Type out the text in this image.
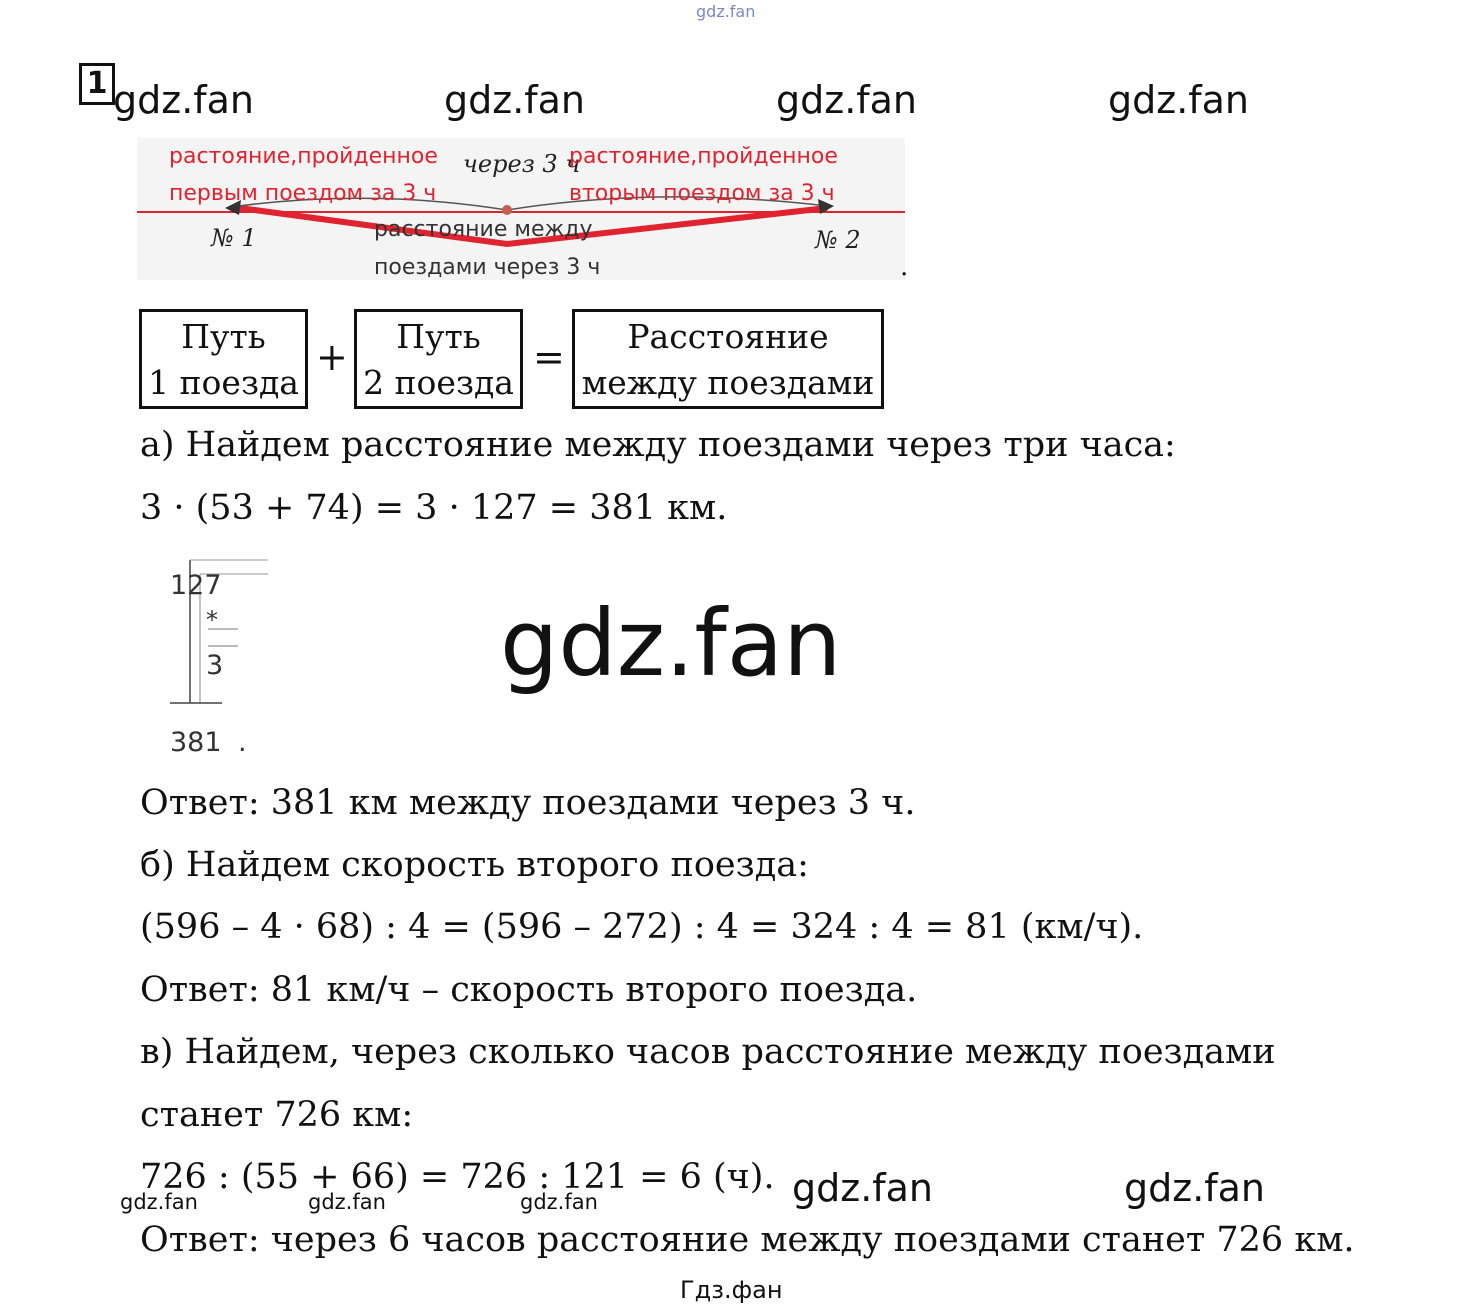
gdz.fan
gdz.fan	gdz.fan	gdz.fan	gdz.fan
1
растояние,пройденное
первым поездом за 3 ч
через 3 ч
растояние,пройденное
вторым поездом за 3 ч
расстояние между
поездами через 3 ч
№ 1	№ 2
.
Путь
1 поезда
+	Путь
2 поезда
=	Расстояние
между поездами
а) Найдем расстояние между поездами через три часа:
3 · (53 + 74) = 3 · 127 = 381 км.
127
*
3
381 .
gdz.fan
Ответ: 381 км между поездами через 3 ч.
б) Найдем скорость второго поезда:
(596 – 4 · 68) : 4 = (596 – 272) : 4 = 324 : 4 = 81 (км/ч).
Ответ: 81 км/ч – скорость второго поезда.
в) Найдем, через сколько часов расстояние между поездами
станет 726 км:
726 : (55 + 66) = 726 : 121 = 6 (ч). gdz.fan	gdz.fan
gdz.fan	gdz.fan	gdz.fan
Ответ: через 6 часов расстояние между поездами станет 726 км.
Гдз.фан
